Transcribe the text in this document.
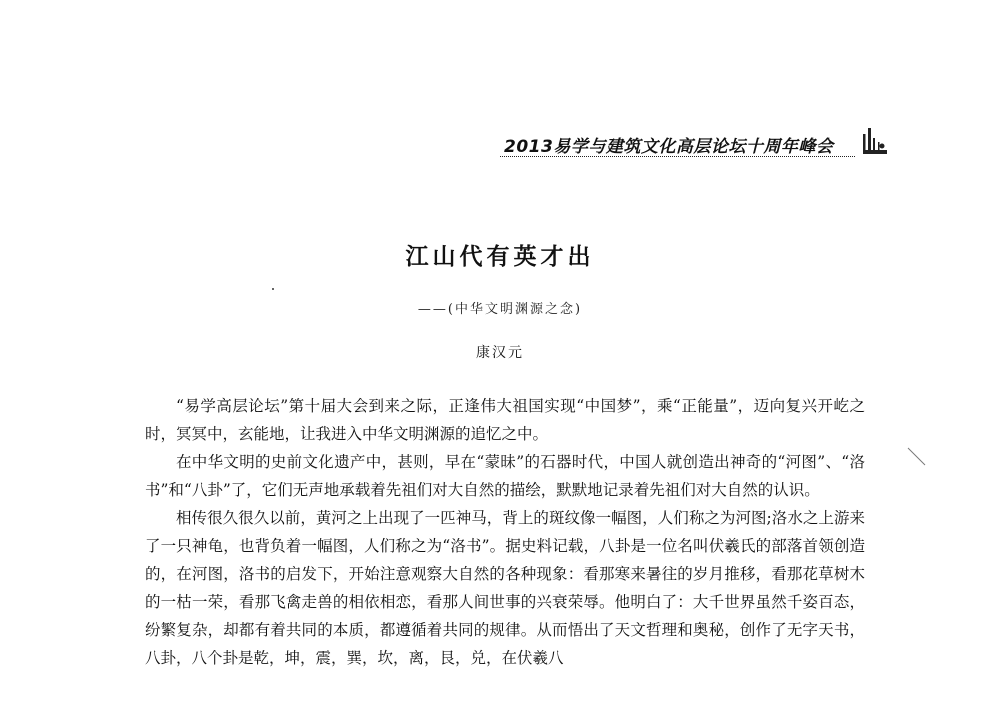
2013易学与建筑文化高层论坛十周年峰会
江山代有英才出
——(中华文明渊源之念)
康汉元

“易学高层论坛”第十届大会到来之际，正逢伟大祖国实现“中国梦”，乘“正能量”，迈向复兴开屹之时，冥冥中，玄能地，让我进入中华文明渊源的追忆之中。

在中华文明的史前文化遗产中，甚则，早在“蒙昧”的石器时代，中国人就创造出神奇的“河图”、“洛书”和“八卦”了，它们无声地承载着先祖们对大自然的描绘，默默地记录着先祖们对大自然的认识。

相传很久很久以前，黄河之上出现了一匹神马，背上的斑纹像一幅图，人们称之为河图;洛水之上游来了一只神龟，也背负着一幅图，人们称之为“洛书”。据史料记载，八卦是一位名叫伏羲氏的部落首领创造的，在河图，洛书的启发下，开始注意观察大自然的各种现象：看那寒来暑往的岁月推移，看那花草树木的一枯一荣，看那飞禽走兽的相依相恋，看那人间世事的兴衰荣辱。他明白了：大千世界虽然千姿百态，纷繁复杂，却都有着共同的本质，都遵循着共同的规律。从而悟出了天文哲理和奥秘，创作了无字天书，八卦，八个卦是乾，坤，震，巽，坎，离，艮，兑，在伏羲八
